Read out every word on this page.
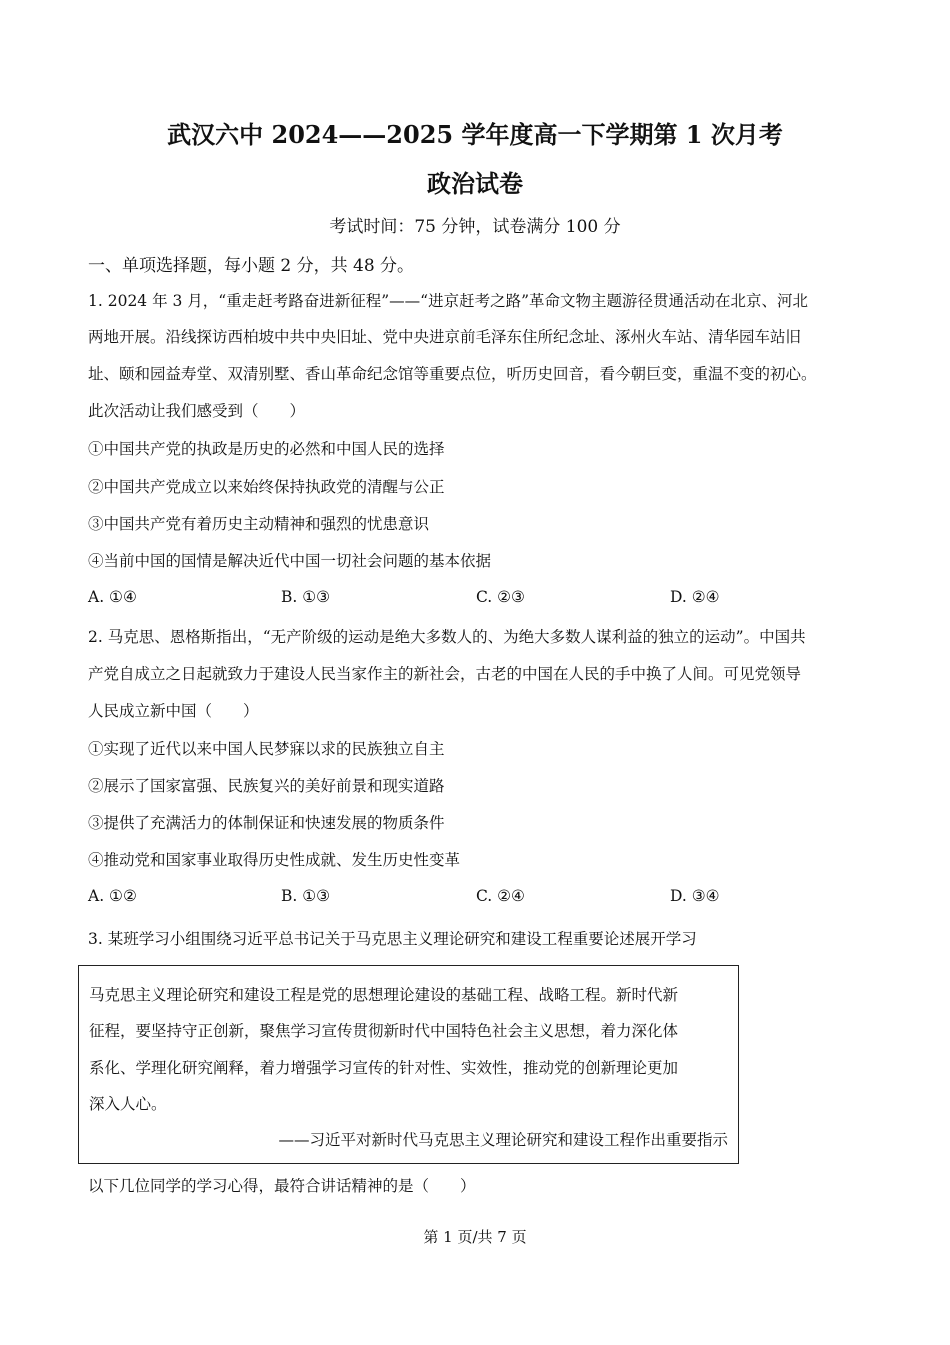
武汉六中 2024——2025 学年度高一下学期第 1 次月考
政治试卷
考试时间：75 分钟，试卷满分 100 分
一、单项选择题，每小题 2 分，共 48 分。
1. 2024 年 3 月，“重走赶考路奋进新征程”——“进京赶考之路”革命文物主题游径贯通活动在北京、河北
两地开展。沿线探访西柏坡中共中央旧址、党中央进京前毛泽东住所纪念址、涿州火车站、清华园车站旧
址、颐和园益寿堂、双清别墅、香山革命纪念馆等重要点位，听历史回音，看今朝巨变，重温不变的初心。
此次活动让我们感受到（　　）
①中国共产党的执政是历史的必然和中国人民的选择
②中国共产党成立以来始终保持执政党的清醒与公正
③中国共产党有着历史主动精神和强烈的忧患意识
④当前中国的国情是解决近代中国一切社会问题的基本依据
A. ①④	B. ①③	C. ②③	D. ②④
2. 马克思、恩格斯指出，“无产阶级的运动是绝大多数人的、为绝大多数人谋利益的独立的运动”。中国共
产党自成立之日起就致力于建设人民当家作主的新社会，古老的中国在人民的手中换了人间。可见党领导
人民成立新中国（　　）
①实现了近代以来中国人民梦寐以求的民族独立自主
②展示了国家富强、民族复兴的美好前景和现实道路
③提供了充满活力的体制保证和快速发展的物质条件
④推动党和国家事业取得历史性成就、发生历史性变革
A. ①②	B. ①③	C. ②④	D. ③④
3. 某班学习小组围绕习近平总书记关于马克思主义理论研究和建设工程重要论述展开学习
马克思主义理论研究和建设工程是党的思想理论建设的基础工程、战略工程。新时代新
征程，要坚持守正创新，聚焦学习宣传贯彻新时代中国特色社会主义思想，着力深化体
系化、学理化研究阐释，着力增强学习宣传的针对性、实效性，推动党的创新理论更加
深入人心。
——习近平对新时代马克思主义理论研究和建设工程作出重要指示
以下几位同学的学习心得，最符合讲话精神的是（　　）
第 1 页/共 7 页
